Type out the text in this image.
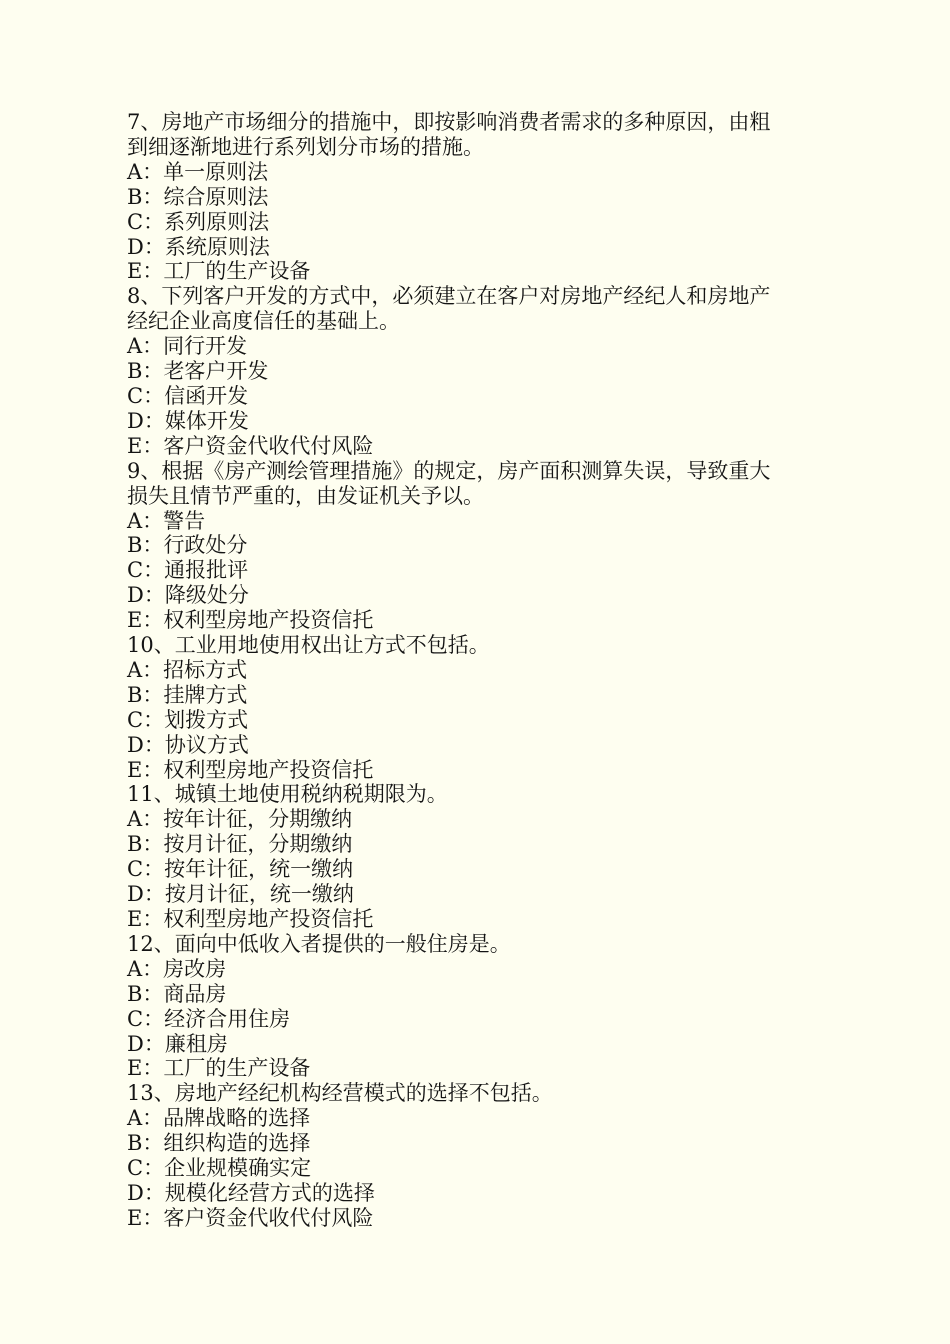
7、房地产市场细分的措施中，即按影响消费者需求的多种原因，由粗
到细逐渐地进行系列划分市场的措施。
A：单一原则法
B：综合原则法
C：系列原则法
D：系统原则法
E：工厂的生产设备
8、下列客户开发的方式中，必须建立在客户对房地产经纪人和房地产
经纪企业高度信任的基础上。
A：同行开发
B：老客户开发
C：信函开发
D：媒体开发
E：客户资金代收代付风险
9、根据《房产测绘管理措施》的规定，房产面积测算失误，导致重大
损失且情节严重的，由发证机关予以。
A：警告
B：行政处分
C：通报批评
D：降级处分
E：权利型房地产投资信托
10、工业用地使用权出让方式不包括。
A：招标方式
B：挂牌方式
C：划拨方式
D：协议方式
E：权利型房地产投资信托
11、城镇土地使用税纳税期限为。
A：按年计征，分期缴纳
B：按月计征，分期缴纳
C：按年计征，统一缴纳
D：按月计征，统一缴纳
E：权利型房地产投资信托
12、面向中低收入者提供的一般住房是。
A：房改房
B：商品房
C：经济合用住房
D：廉租房
E：工厂的生产设备
13、房地产经纪机构经营模式的选择不包括。
A：品牌战略的选择
B：组织构造的选择
C：企业规模确实定
D：规模化经营方式的选择
E：客户资金代收代付风险
